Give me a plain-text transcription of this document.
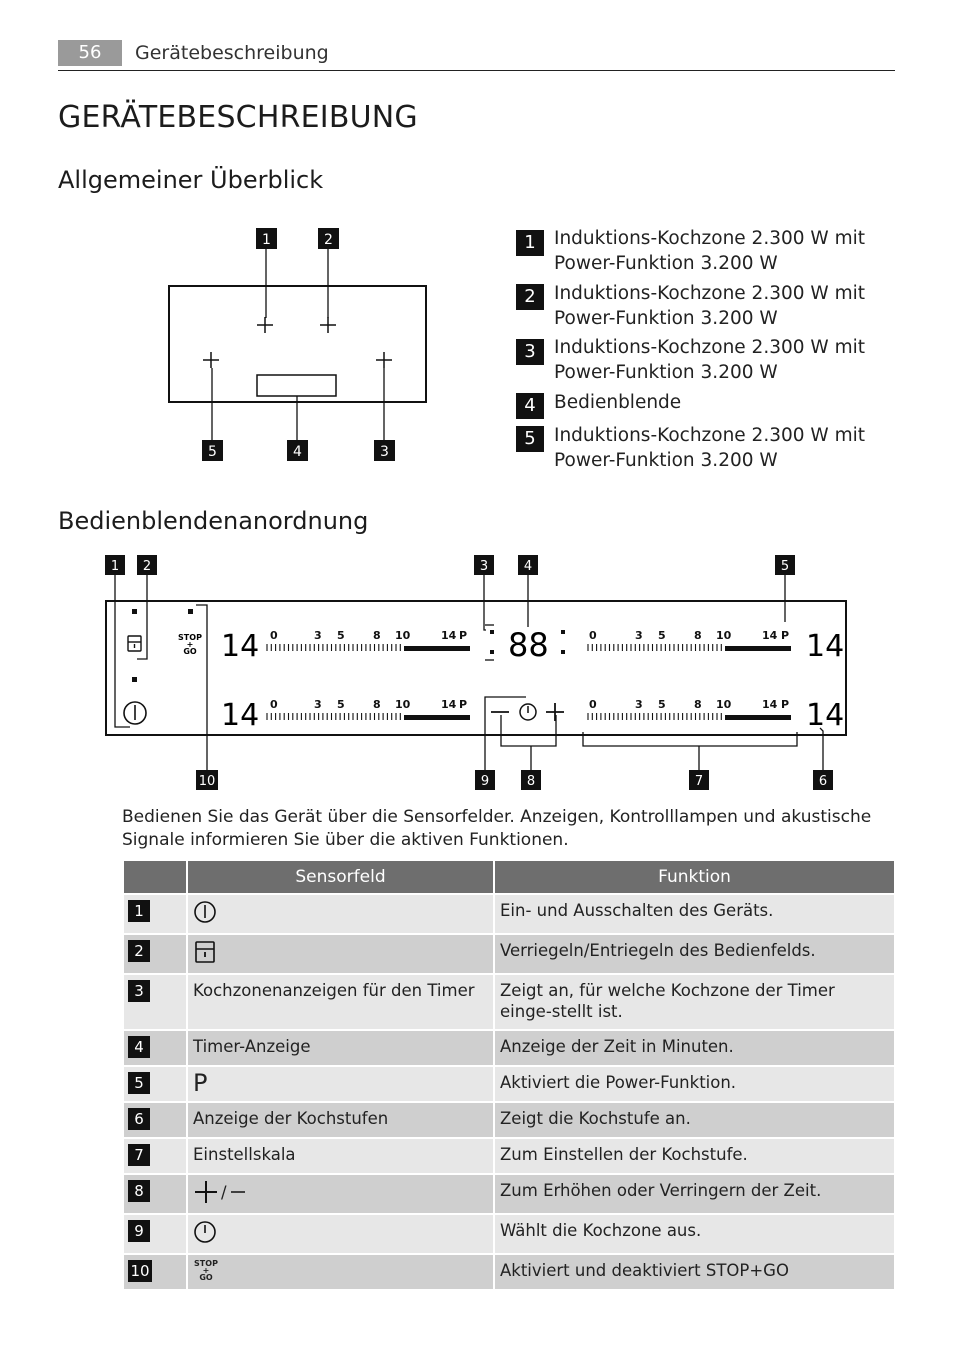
56	Gerätebeschreibung
GERÄTEBESCHREIBUNG
Allgemeiner Überblick
1	2
5	4	3
1 Induktions-Kochzone 2.300 W mit
Power-Funktion 3.200 W
2 Induktions-Kochzone 2.300 W mit
Power-Funktion 3.200 W
3 Induktions-Kochzone 2.300 W mit
Power-Funktion 3.200 W
4 Bedienblende
5 Induktions-Kochzone 2.300 W mit
Power-Funktion 3.200 W
Bedienblendenanordnung
1 2	3	4	5
10	9	8	7	6
STOP
+
GO 14
14
14
14
88
0	3 5	8 10	14 P
0	3 5	8 10	14 P
0	3 5	8 10	14 P
0	3 5	8 10	14 P
Bedienen Sie das Gerät über die Sensorfelder. Anzeigen, Kontrolllampen und akustische Signale informieren Sie über die aktiven Funktionen.
	Sensorfeld	Funktion
1		Ein- und Ausschalten des Geräts.
2		Verriegeln/Entriegeln des Bedienfelds.
3	Kochzonenanzeigen für den Timer	Zeigt an, für welche Kochzone der Timer einge-stellt ist.
4	Timer-Anzeige	Anzeige der Zeit in Minuten.
5	P	Aktiviert die Power-Funktion.
6	Anzeige der Kochstufen	Zeigt die Kochstufe an.
7	Einstellskala	Zum Einstellen der Kochstufe.
8	/	Zum Erhöhen oder Verringern der Zeit.
9		Wählt die Kochzone aus.
10	STOP
+
GO	Aktiviert und deaktiviert STOP+GO
